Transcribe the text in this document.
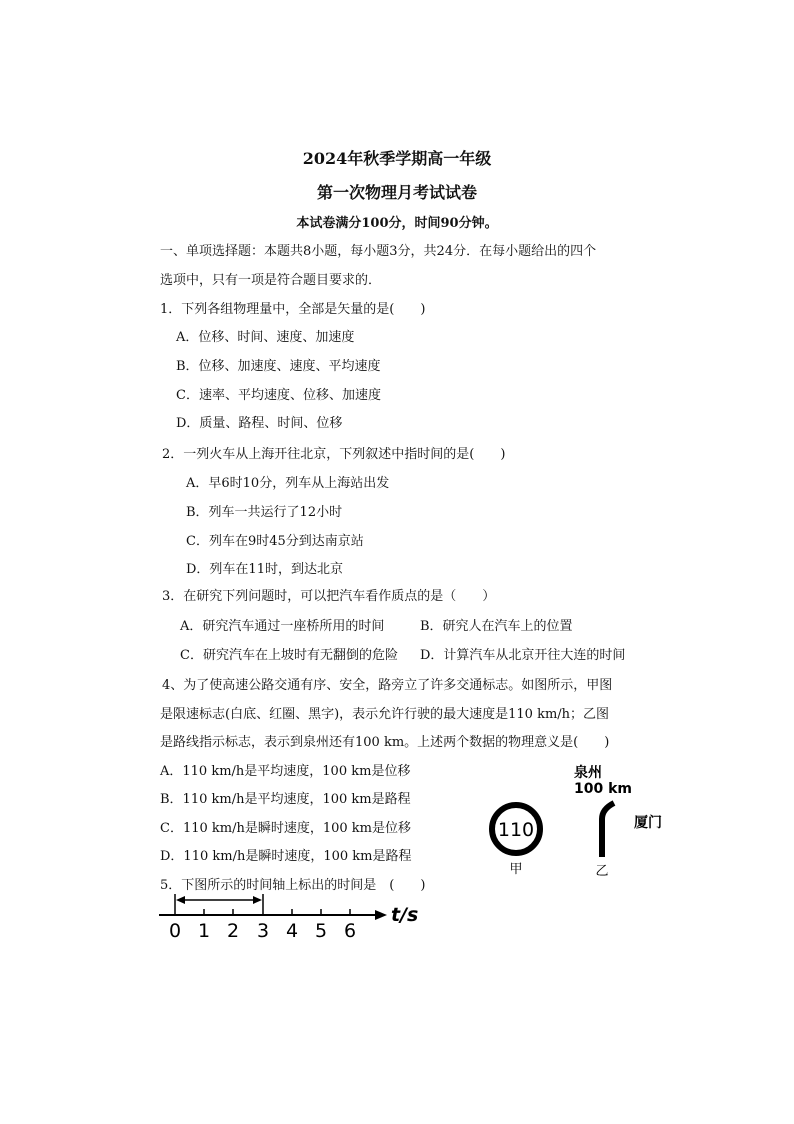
2024年秋季学期高一年级
第一次物理月考试试卷
本试卷满分100分，时间90分钟。
一、单项选择题：本题共8小题，每小题3分，共24分．在每小题给出的四个
选项中，只有一项是符合题目要求的．
1．下列各组物理量中，全部是矢量的是(　　)
A．位移、时间、速度、加速度
B．位移、加速度、速度、平均速度
C．速率、平均速度、位移、加速度
D．质量、路程、时间、位移
2．一列火车从上海开往北京，下列叙述中指时间的是(　　)
A．早6时10分，列车从上海站出发
B．列车一共运行了12小时
C．列车在9时45分到达南京站
D．列车在11时，到达北京
3．在研究下列问题时，可以把汽车看作质点的是（　　）
A．研究汽车通过一座桥所用的时间	B．研究人在汽车上的位置
C．研究汽车在上坡时有无翻倒的危险 D．计算汽车从北京开往大连的时间
4、为了使高速公路交通有序、安全，路旁立了许多交通标志。如图所示，甲图
是限速标志(白底、红圈、黑字)，表示允许行驶的最大速度是110 km/h；乙图
是路线指示标志，表示到泉州还有100 km。上述两个数据的物理意义是(　　)
A．110 km/h是平均速度，100 km是位移
B．110 km/h是平均速度，100 km是路程
C．110 km/h是瞬时速度，100 km是位移
D．110 km/h是瞬时速度，100 km是路程
110
甲
泉州
100 km
厦门
乙
5．下图所示的时间轴上标出的时间是　(　　)
0 1 2 3 4 5 6
t/s
